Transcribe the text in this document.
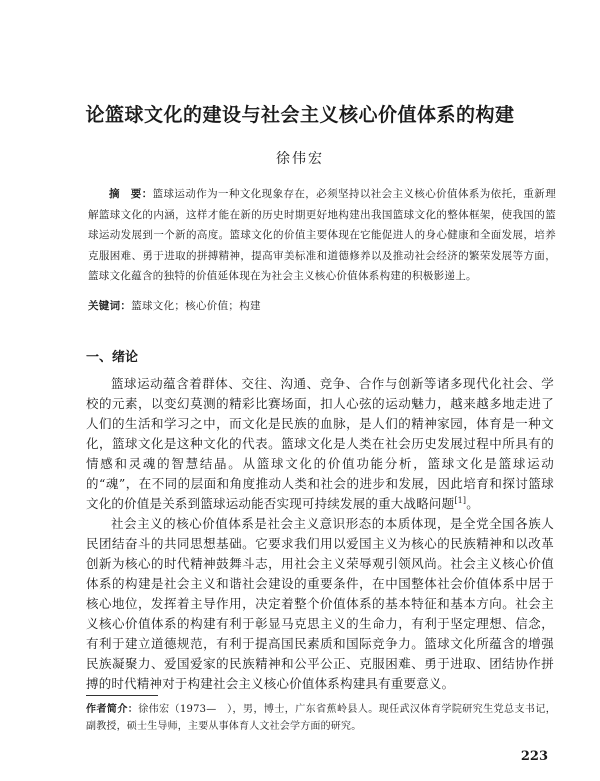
论篮球文化的建设与社会主义核心价值体系的构建
徐伟宏
摘　要：篮球运动作为一种文化现象存在，必须坚持以社会主义核心价值体系为依托，重新理解篮球文化的内涵，这样才能在新的历史时期更好地构建出我国篮球文化的整体框架，使我国的篮球运动发展到一个新的高度。篮球文化的价值主要体现在它能促进人的身心健康和全面发展，培养克服困难、勇于进取的拼搏精神，提高审美标准和道德修养以及推动社会经济的繁荣发展等方面，篮球文化蕴含的独特的价值延体现在为社会主义核心价值体系构建的积极影递上。
关键词：篮球文化；核心价值；构建
一、绪论

篮球运动蕴含着群体、交往、沟通、竞争、合作与创新等诸多现代化社会、学校的元素，以变幻莫测的精彩比赛场面，扣人心弦的运动魅力，越来越多地走进了人们的生活和学习之中，而文化是民族的血脉，是人们的精神家园，体育是一种文化，篮球文化是这种文化的代表。篮球文化是人类在社会历史发展过程中所具有的情感和灵魂的智慧结晶。从篮球文化的价值功能分析，篮球文化是篮球运动的“魂”，在不同的层面和角度推动人类和社会的进步和发展，因此培育和探讨篮球文化的价值是关系到篮球运动能否实现可持续发展的重大战略问题[1]。

社会主义的核心价值体系是社会主义意识形态的本质体现，是全党全国各族人民团结奋斗的共同思想基础。它要求我们用以爱国主义为核心的民族精神和以改革创新为核心的时代精神鼓舞斗志，用社会主义荣辱观引领风尚。社会主义核心价值体系的构建是社会主义和谐社会建设的重要条件，在中国整体社会价值体系中居于核心地位，发挥着主导作用，决定着整个价值体系的基本特征和基本方向。社会主义核心价值体系的构建有利于彰显马克思主义的生命力，有利于坚定理想、信念，有利于建立道德规范，有利于提高国民素质和国际竞争力。篮球文化所蕴含的增强民族凝聚力、爱国爱家的民族精神和公平公正、克服困难、勇于进取、团结协作拼搏的时代精神对于构建社会主义核心价值体系构建具有重要意义。

作者简介：徐伟宏（1973—　），男，博士，广东省蕉岭县人。现任武汉体育学院研究生党总支书记，副教授，硕士生导师，主要从事体育人文社会学方面的研究。
223
